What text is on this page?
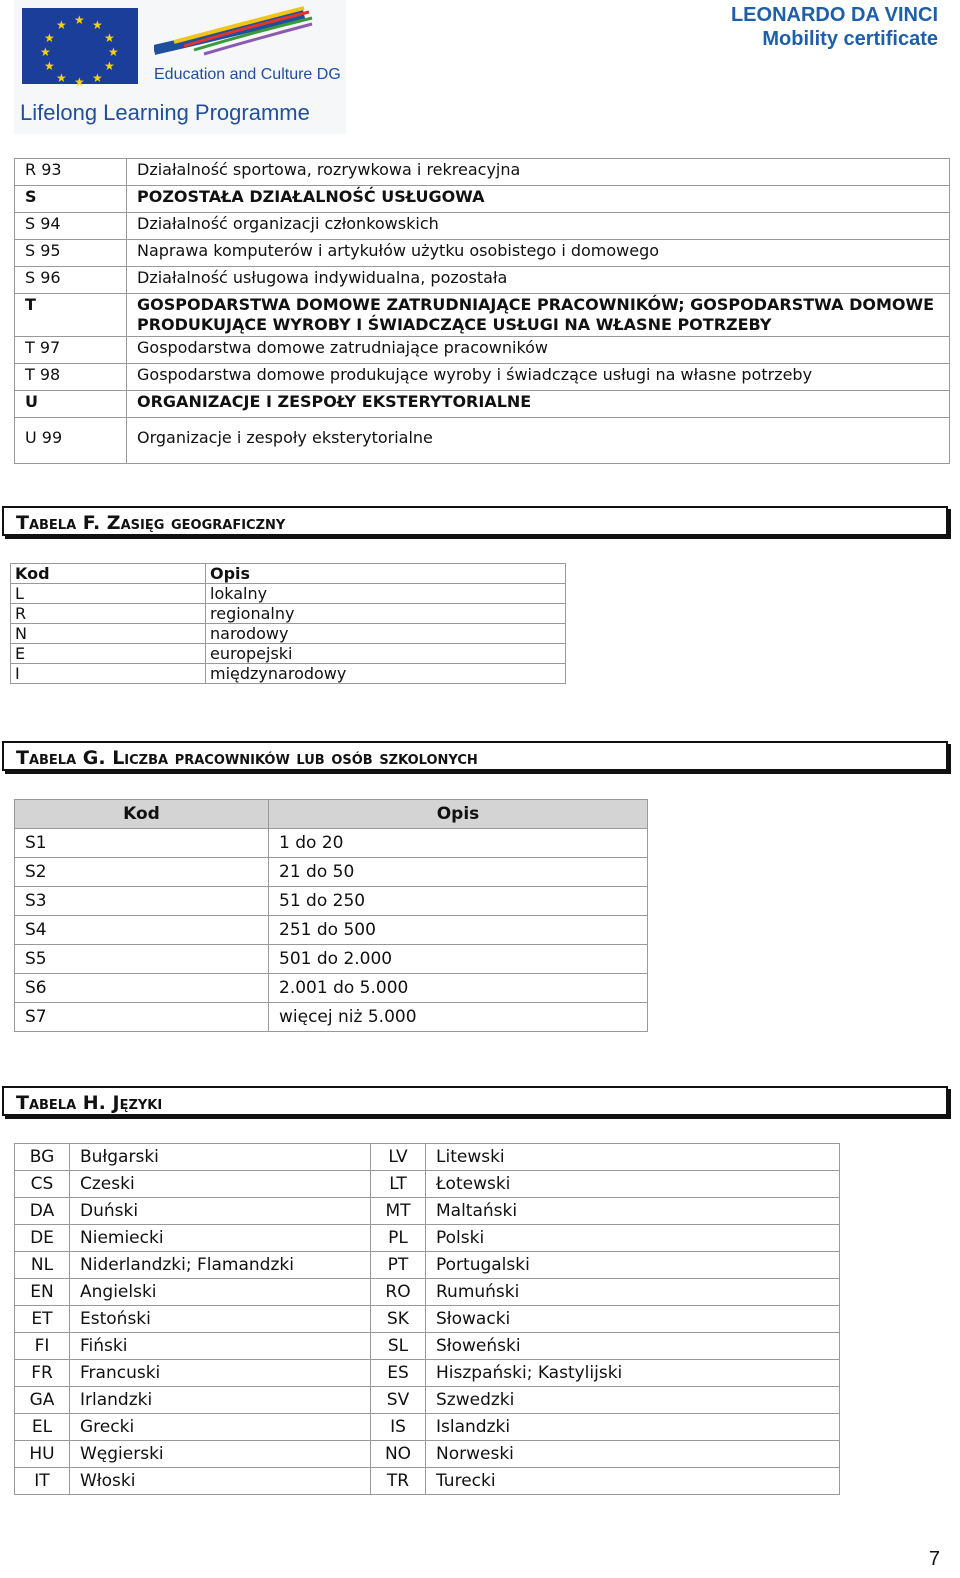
★ ★
★
★
★
★
★
★
★
★
★
★
Education and Culture DG
Lifelong Learning Programme
LEONARDO DA VINCI
Mobility certificate
R 93	Działalność sportowa, rozrywkowa i rekreacyjna
S	POZOSTAŁA DZIAŁALNOŚĆ USŁUGOWA
S 94	Działalność organizacji członkowskich
S 95	Naprawa komputerów i artykułów użytku osobistego i domowego
S 96	Działalność usługowa indywidualna, pozostała
T	GOSPODARSTWA DOMOWE ZATRUDNIAJĄCE PRACOWNIKÓW; GOSPODARSTWA DOMOWE PRODUKUJĄCE WYROBY I ŚWIADCZĄCE USŁUGI NA WŁASNE POTRZEBY
T 97	Gospodarstwa domowe zatrudniające pracowników
T 98	Gospodarstwa domowe produkujące wyroby i świadczące usługi na własne potrzeby
U	ORGANIZACJE I ZESPOŁY EKSTERYTORIALNE
U 99	Organizacje i zespoły eksterytorialne
Tabela F. Zasięg geograficzny
Kod	Opis
L	lokalny
R	regionalny
N	narodowy
E	europejski
I	międzynarodowy
Tabela G. Liczba pracowników lub osób szkolonych
Kod	Opis
S1	1 do 20
S2	21 do 50
S3	51 do 250
S4	251 do 500
S5	501 do 2.000
S6	2.001 do 5.000
S7	więcej niż 5.000
Tabela H. Języki
BG	Bułgarski	LV	Litewski
CS	Czeski	LT	Łotewski
DA	Duński	MT	Maltański
DE	Niemiecki	PL	Polski
NL	Niderlandzki; Flamandzki	PT	Portugalski
EN	Angielski	RO	Rumuński
ET	Estoński	SK	Słowacki
FI	Fiński	SL	Słoweński
FR	Francuski	ES	Hiszpański; Kastylijski
GA	Irlandzki	SV	Szwedzki
EL	Grecki	IS	Islandzki
HU	Węgierski	NO	Norweski
IT	Włoski	TR	Turecki
7
